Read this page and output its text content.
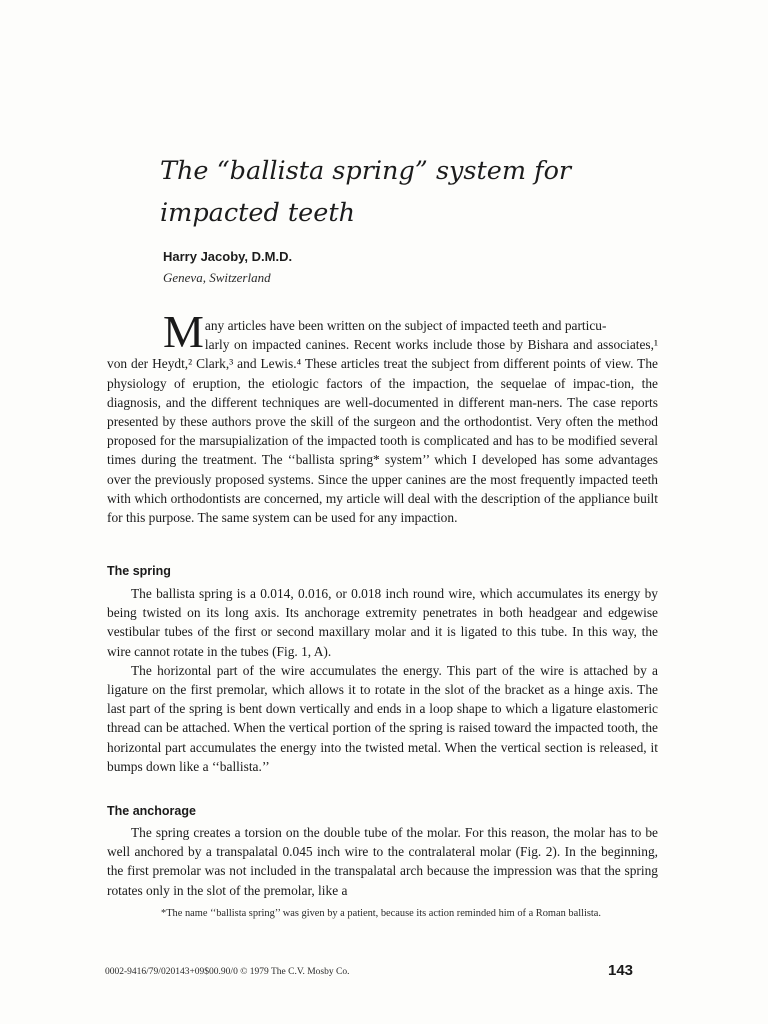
The “ballista spring” system for
impacted teeth
Harry Jacoby, D.M.D.
Geneva, Switzerland
M any articles have been written on the subject of impacted teeth and particu-
larly on impacted canines. Recent works include those by Bishara and associates,¹ von der Heydt,² Clark,³ and Lewis.⁴ These articles treat the subject from different points of view. The physiology of eruption, the etiologic factors of the impaction, the sequelae of impac-tion, the diagnosis, and the different techniques are well-documented in different man-ners. The case reports presented by these authors prove the skill of the surgeon and the orthodontist. Very often the method proposed for the marsupialization of the impacted tooth is complicated and has to be modified several times during the treatment. The ‘‘ballista spring* system’’ which I developed has some advantages over the previously proposed systems. Since the upper canines are the most frequently impacted teeth with which orthodontists are concerned, my article will deal with the description of the appliance built for this purpose. The same system can be used for any impaction.
The spring

The ballista spring is a 0.014, 0.016, or 0.018 inch round wire, which accumulates its energy by being twisted on its long axis. Its anchorage extremity penetrates in both headgear and edgewise vestibular tubes of the first or second maxillary molar and it is ligated to this tube. In this way, the wire cannot rotate in the tubes (Fig. 1, A).

The horizontal part of the wire accumulates the energy. This part of the wire is attached by a ligature on the first premolar, which allows it to rotate in the slot of the bracket as a hinge axis. The last part of the spring is bent down vertically and ends in a loop shape to which a ligature elastomeric thread can be attached. When the vertical portion of the spring is raised toward the impacted tooth, the horizontal part accumulates the energy into the twisted metal. When the vertical section is released, it bumps down like a ‘‘ballista.’’

The anchorage

The spring creates a torsion on the double tube of the molar. For this reason, the molar has to be well anchored by a transpalatal 0.045 inch wire to the contralateral molar (Fig. 2). In the beginning, the first premolar was not included in the transpalatal arch because the impression was that the spring rotates only in the slot of the premolar, like a

*The name ‘‘ballista spring’’ was given by a patient, because its action reminded him of a Roman ballista.

0002-9416/79/020143+09$00.90/0 © 1979 The C.V. Mosby Co.	143
